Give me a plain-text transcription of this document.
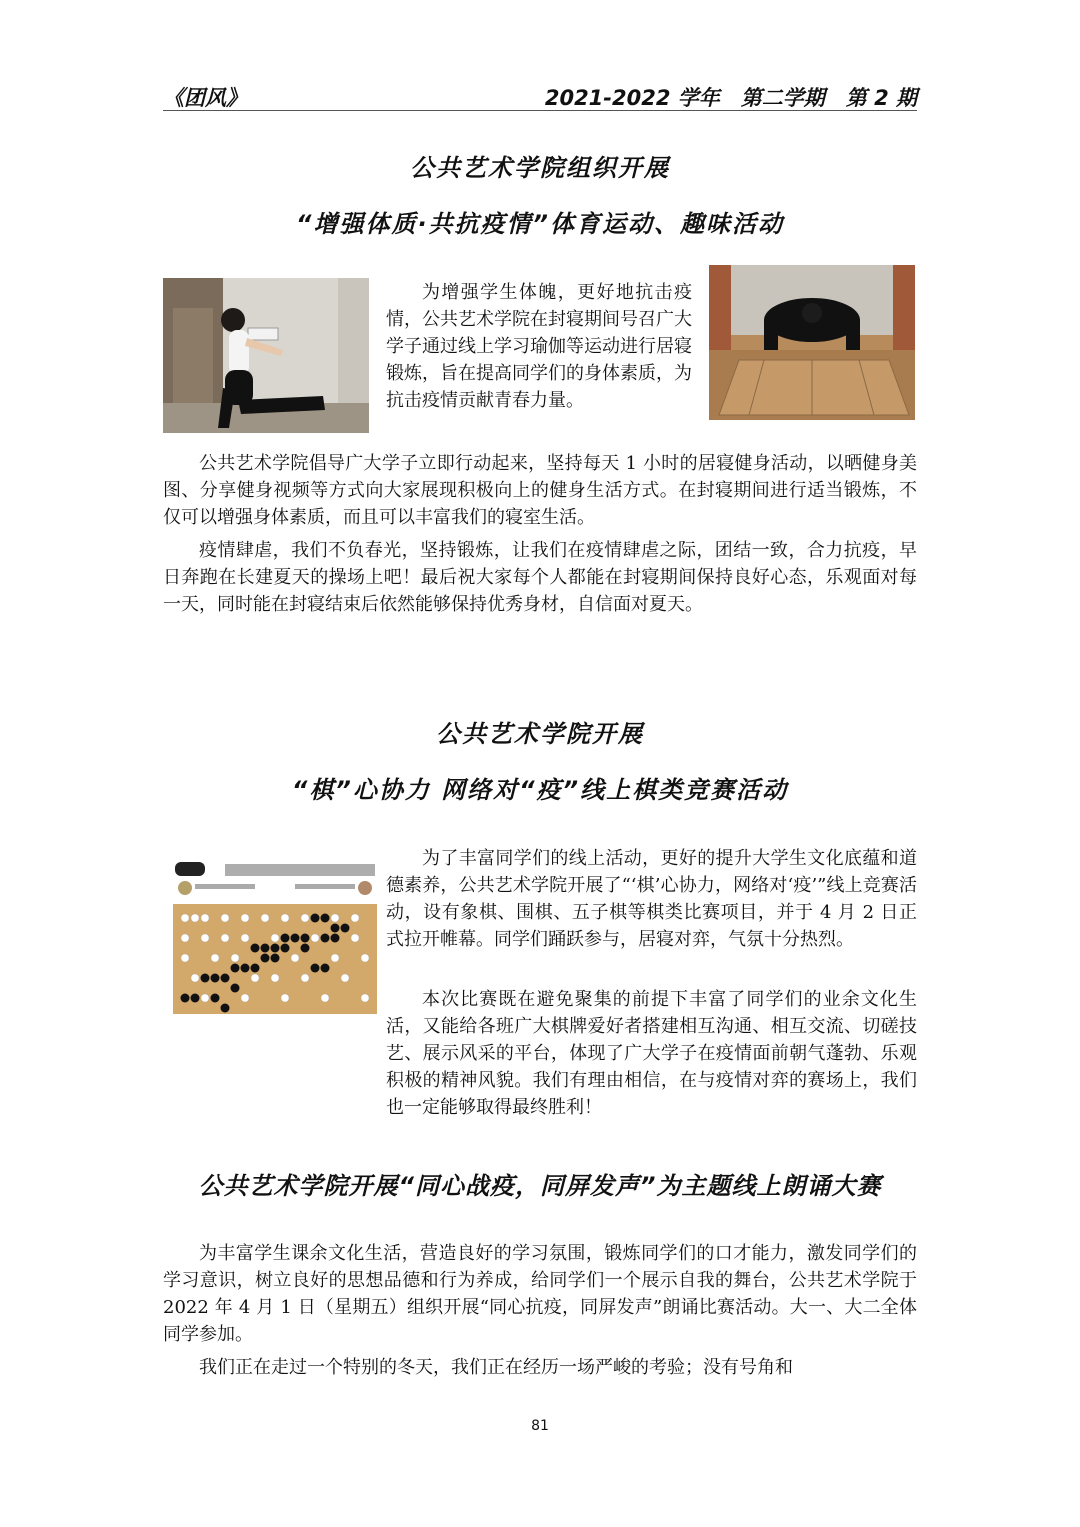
《团风》	2021-2022 学年　第二学期　第 2 期
公共艺术学院组织开展
“增强体质·共抗疫情”体育运动、趣味活动

为增强学生体魄，更好地抗击疫情，公共艺术学院在封寝期间号召广大学子通过线上学习瑜伽等运动进行居寝锻炼，旨在提高同学们的身体素质，为抗击疫情贡献青春力量。

公共艺术学院倡导广大学子立即行动起来，坚持每天 1 小时的居寝健身活动，以晒健身美图、分享健身视频等方式向大家展现积极向上的健身生活方式。在封寝期间进行适当锻炼，不仅可以增强身体素质，而且可以丰富我们的寝室生活。

疫情肆虐，我们不负春光，坚持锻炼，让我们在疫情肆虐之际，团结一致，合力抗疫，早日奔跑在长建夏天的操场上吧！最后祝大家每个人都能在封寝期间保持良好心态，乐观面对每一天，同时能在封寝结束后依然能够保持优秀身材，自信面对夏天。

公共艺术学院开展
“棋”心协力 网络对“疫”线上棋类竞赛活动

为了丰富同学们的线上活动，更好的提升大学生文化底蕴和道德素养，公共艺术学院开展了“‘棋’心协力，网络对‘疫’”线上竞赛活动，设有象棋、围棋、五子棋等棋类比赛项目，并于 4 月 2 日正式拉开帷幕。同学们踊跃参与，居寝对弈，气氛十分热烈。

本次比赛既在避免聚集的前提下丰富了同学们的业余文化生活，又能给各班广大棋牌爱好者搭建相互沟通、相互交流、切磋技艺、展示风采的平台，体现了广大学子在疫情面前朝气蓬勃、乐观积极的精神风貌。我们有理由相信，在与疫情对弈的赛场上，我们也一定能够取得最终胜利！

公共艺术学院开展“同心战疫，同屏发声”为主题线上朗诵大赛

为丰富学生课余文化生活，营造良好的学习氛围，锻炼同学们的口才能力，激发同学们的学习意识，树立良好的思想品德和行为养成，给同学们一个展示自我的舞台，公共艺术学院于 2022 年 4 月 1 日（星期五）组织开展“同心抗疫，同屏发声”朗诵比赛活动。大一、大二全体同学参加。

我们正在走过一个特别的冬天，我们正在经历一场严峻的考验；没有号角和

81
